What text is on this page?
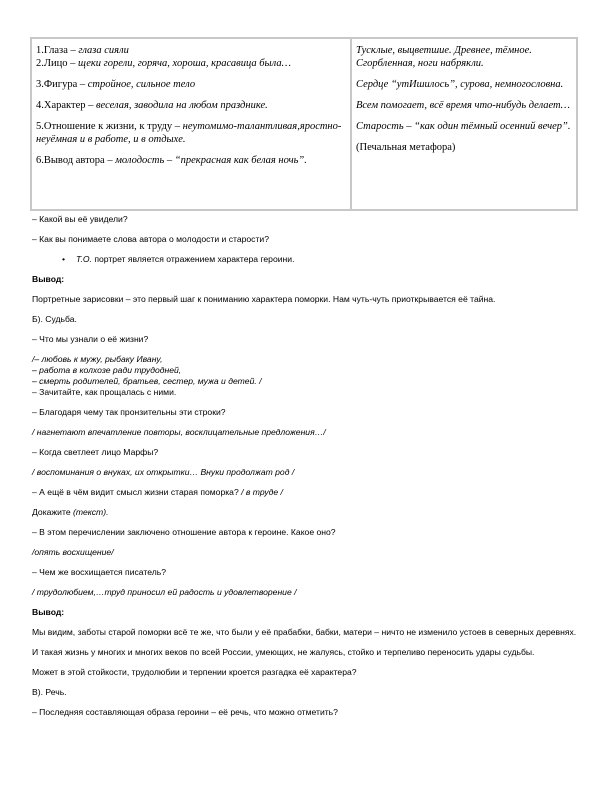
1.Глаза – глаза сияли

2.Лицо – щеки горели, горяча, хороша, красавица была…

3.Фигура – стройное, сильное тело

4.Характер – веселая, заводила на любом празднике.

5.Отношение к жизни, к труду – неутомимо-талантливая,яростно-неуёмная и в работе, и в отдыхе.

6.Вывод автора – молодость – “прекрасная как белая ночь”.

Тусклые, выцветшие. Древнее, тёмное. Сгорбленная, ноги набрякли.

Сердце “утИшилось”, сурова, немногословна.

Всем помогает, всё время что-нибудь делает…

Старость – “как один тёмный осенний вечер”.

(Печальная метафора)

– Какой вы её увидели?
– Как вы понимаете слова автора о молодости и старости?
• Т.О. портрет является отражением характера героини.
Вывод:
Портретные зарисовки – это первый шаг к пониманию характера поморки. Нам чуть-чуть приоткрывается её тайна.
Б). Судьба.
– Что мы узнали о её жизни?
/– любовь к мужу, рыбаку Ивану,
– работа в колхозе ради трудодней,
– смерть родителей, братьев, сестер, мужа и детей. /
– Зачитайте, как прощалась с ними.
– Благодаря чему так пронзительны эти строки?
/ нагнетают впечатление повторы, восклицательные предложения…/
– Когда светлеет лицо Марфы?
/ воспоминания о внуках, их открытки… Внуки продолжат род /
– А ещё в чём видит смысл жизни старая поморка? / в труде /
Докажите (текст).
– В этом перечислении заключено отношение автора к героине. Какое оно?
/опять восхищение/
– Чем же восхищается писатель?
/ трудолюбием,…труд приносил ей радость и удовлетворение /
Вывод:
Мы видим, заботы старой поморки всё те же, что были у её прабабки, бабки, матери – ничто не изменило устоев в северных деревнях.
И такая жизнь у многих и многих веков по всей России, умеющих, не жалуясь, стойко и терпеливо переносить удары судьбы.
Может в этой стойкости, трудолюбии и терпении кроется разгадка её характера?
В). Речь.
– Последняя составляющая образа героини – её речь, что можно отметить?
